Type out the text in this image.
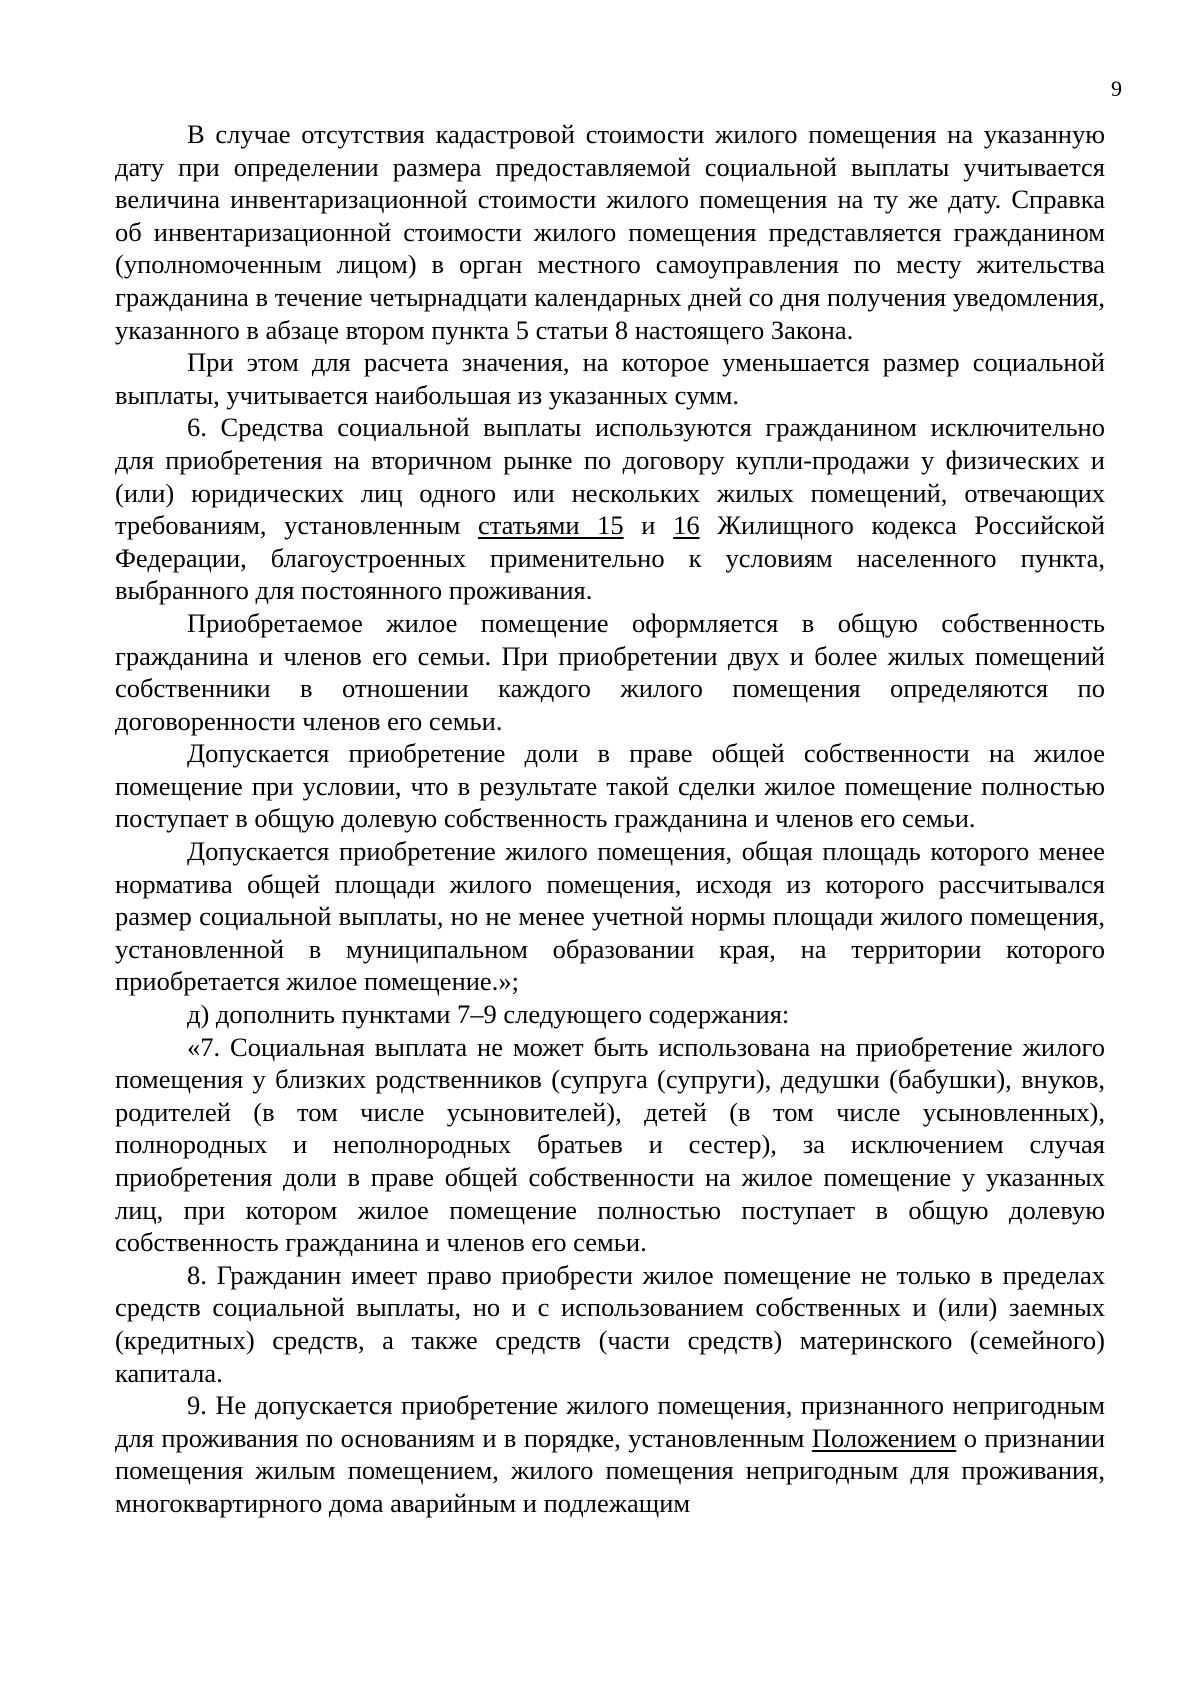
9

В случае отсутствия кадастровой стоимости жилого помещения на указанную дату при определении размера предоставляемой социальной выплаты учитывается величина инвентаризационной стоимости жилого помещения на ту же дату. Справка об инвентаризационной стоимости жилого помещения представляется гражданином (уполномоченным лицом) в орган местного самоуправления по месту жительства гражданина в течение четырнадцати календарных дней со дня получения уведомления, указанного в абзаце втором пункта 5 статьи 8 настоящего Закона.

При этом для расчета значения, на которое уменьшается размер социальной выплаты, учитывается наибольшая из указанных сумм.

6. Средства социальной выплаты используются гражданином исключительно для приобретения на вторичном рынке по договору купли-продажи у физических и (или) юридических лиц одного или нескольких жилых помещений, отвечающих требованиям, установленным статьями 15 и 16 Жилищного кодекса Российской Федерации, благоустроенных применительно к условиям населенного пункта, выбранного для постоянного проживания.

Приобретаемое жилое помещение оформляется в общую собственность гражданина и членов его семьи. При приобретении двух и более жилых помещений собственники в отношении каждого жилого помещения определяются по договоренности членов его семьи.

Допускается приобретение доли в праве общей собственности на жилое помещение при условии, что в результате такой сделки жилое помещение полностью поступает в общую долевую собственность гражданина и членов его семьи.

Допускается приобретение жилого помещения, общая площадь которого менее норматива общей площади жилого помещения, исходя из которого рассчитывался размер социальной выплаты, но не менее учетной нормы площади жилого помещения, установленной в муниципальном образовании края, на территории которого приобретается жилое помещение.»;

д) дополнить пунктами 7–9 следующего содержания:

«7. Социальная выплата не может быть использована на приобретение жилого помещения у близких родственников (супруга (супруги), дедушки (бабушки), внуков, родителей (в том числе усыновителей), детей (в том числе усыновленных), полнородных и неполнородных братьев и сестер), за исключением случая приобретения доли в праве общей собственности на жилое помещение у указанных лиц, при котором жилое помещение полностью поступает в общую долевую собственность гражданина и членов его семьи.

8. Гражданин имеет право приобрести жилое помещение не только в пределах средств социальной выплаты, но и с использованием собственных и (или) заемных (кредитных) средств, а также средств (части средств) материнского (семейного) капитала.

9. Не допускается приобретение жилого помещения, признанного непригодным для проживания по основаниям и в порядке, установленным Положением о признании помещения жилым помещением, жилого помещения непригодным для проживания, многоквартирного дома аварийным и подлежащим
